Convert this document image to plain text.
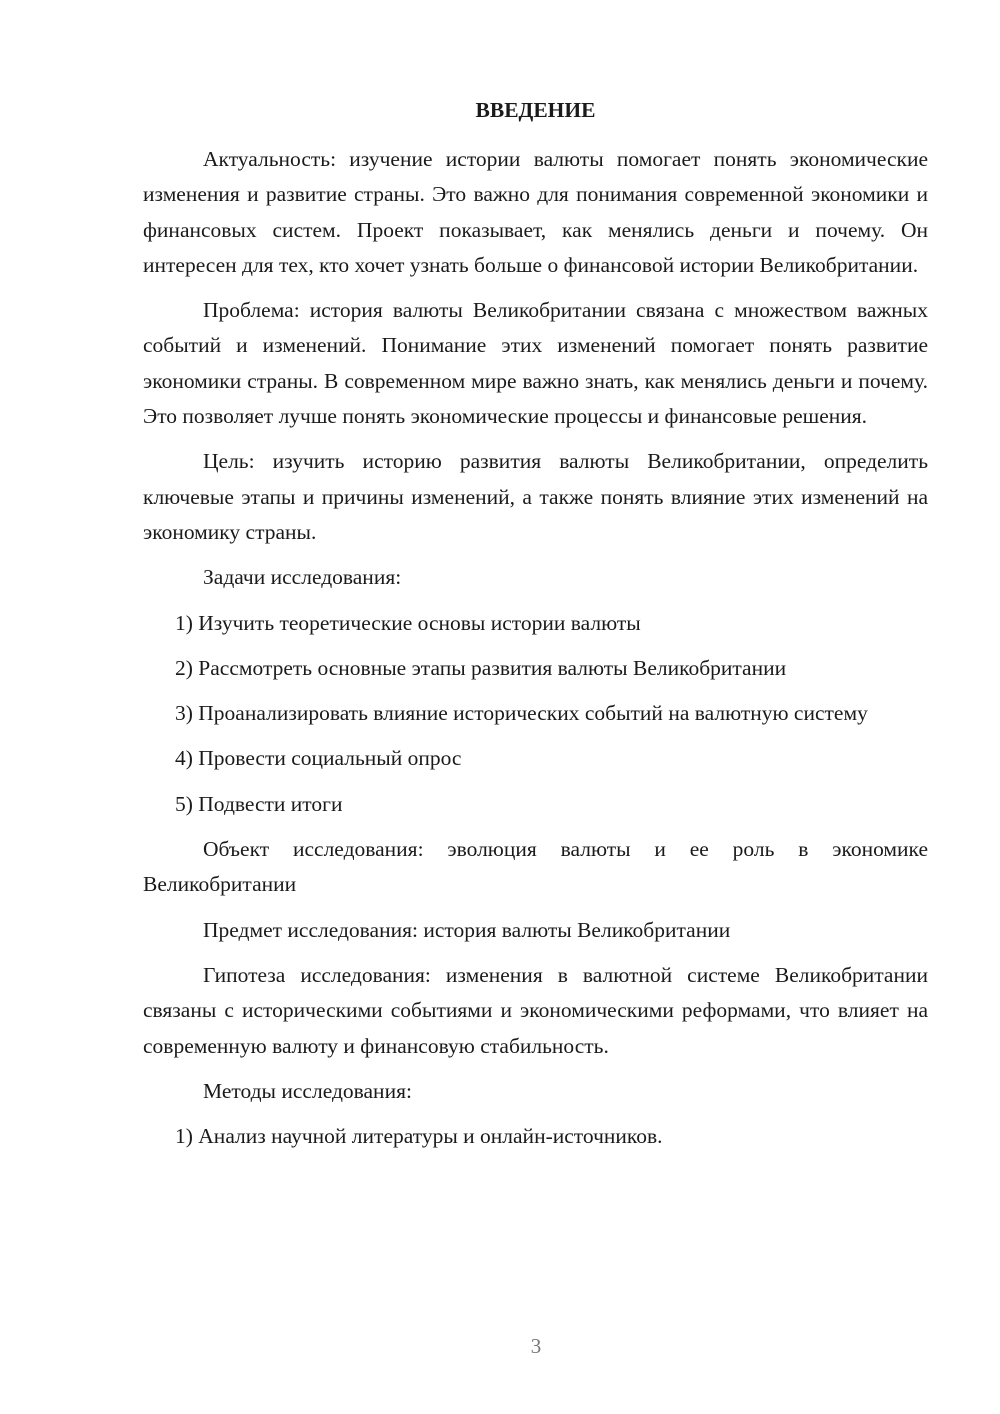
ВВЕДЕНИЕ

Актуальность: изучение истории валюты помогает понять экономические изменения и развитие страны. Это важно для понимания современной экономики и финансовых систем. Проект показывает, как менялись деньги и почему. Он интересен для тех, кто хочет узнать больше о финансовой истории Великобритании.

Проблема: история валюты Великобритании связана с множеством важных событий и изменений. Понимание этих изменений помогает понять развитие экономики страны. В современном мире важно знать, как менялись деньги и почему. Это позволяет лучше понять экономические процессы и финансовые решения.

Цель: изучить историю развития валюты Великобритании, определить ключевые этапы и причины изменений, а также понять влияние этих изменений на экономику страны.

Задачи исследования:

1) Изучить теоретические основы истории валюты

2) Рассмотреть основные этапы развития валюты Великобритании

3) Проанализировать влияние исторических событий на валютную систему

4) Провести социальный опрос

5) Подвести итоги

Объект исследования: эволюция валюты и ее роль в экономике Великобритании

Предмет исследования: история валюты Великобритании

Гипотеза исследования: изменения в валютной системе Великобритании связаны с историческими событиями и экономическими реформами, что влияет на современную валюту и финансовую стабильность.

Методы исследования:

1) Анализ научной литературы и онлайн-источников.

3
